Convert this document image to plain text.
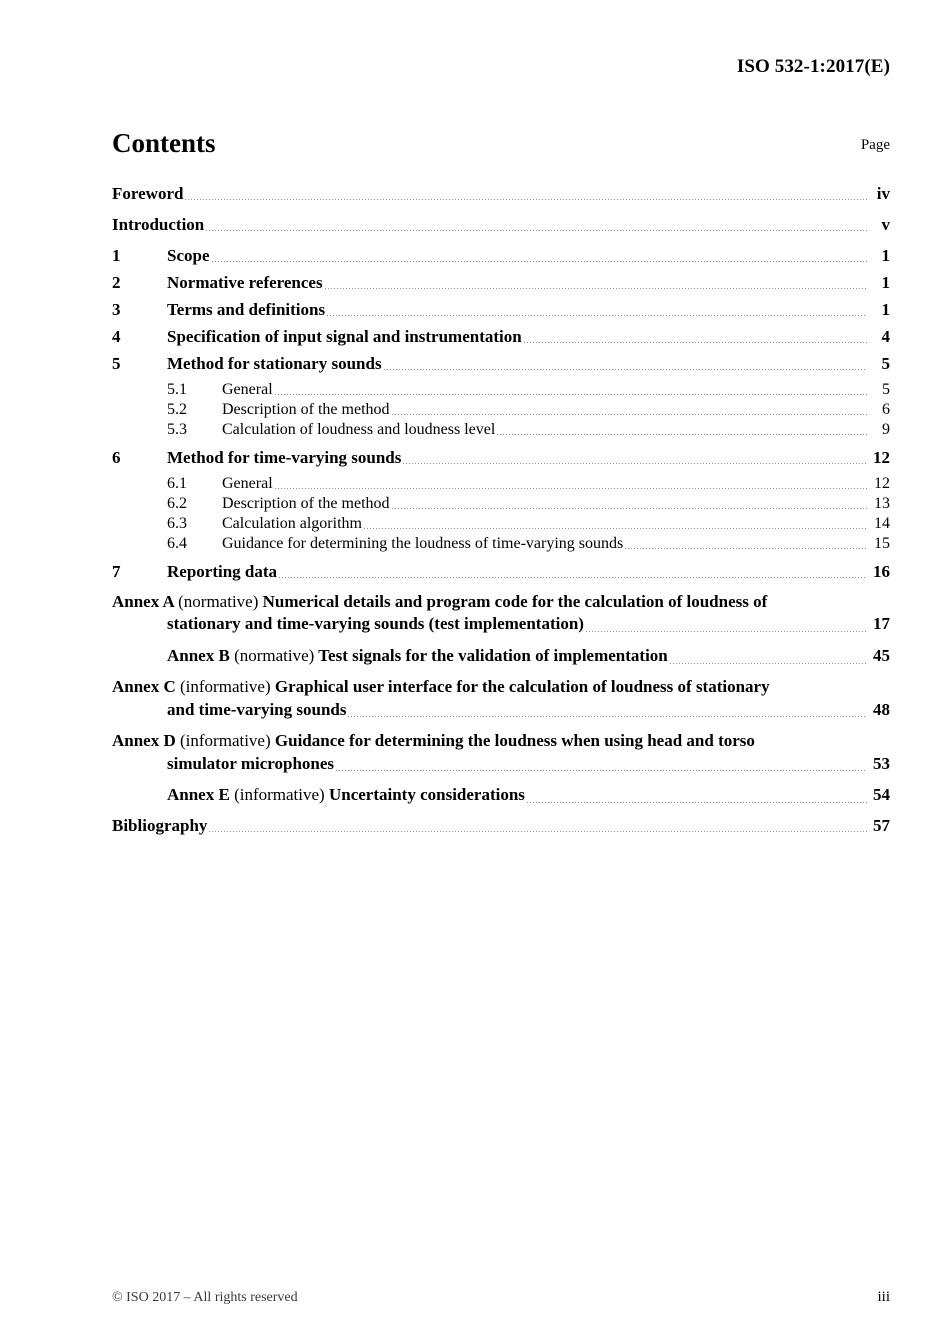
ISO 532-1:2017(E)
Contents	Page
Foreword	iv
Introduction	v
1	Scope	1
2	Normative references	1
3	Terms and definitions	1
4	Specification of input signal and instrumentation	4
5	Method for stationary sounds	5
5.1	General	5
5.2	Description of the method	6
5.3	Calculation of loudness and loudness level	9
6	Method for time-varying sounds	12
6.1	General	12
6.2	Description of the method	13
6.3	Calculation algorithm	14
6.4	Guidance for determining the loudness of time-varying sounds	15
7	Reporting data	16
Annex A (normative) Numerical details and program code for the calculation of loudness of
stationary and time-varying sounds (test implementation)	17
Annex B (normative) Test signals for the validation of implementation	45
Annex C (informative) Graphical user interface for the calculation of loudness of stationary
and time-varying sounds	48
Annex D (informative) Guidance for determining the loudness when using head and torso
simulator microphones	53
Annex E (informative) Uncertainty considerations	54
Bibliography	57
© ISO 2017 – All rights reserved	iii
